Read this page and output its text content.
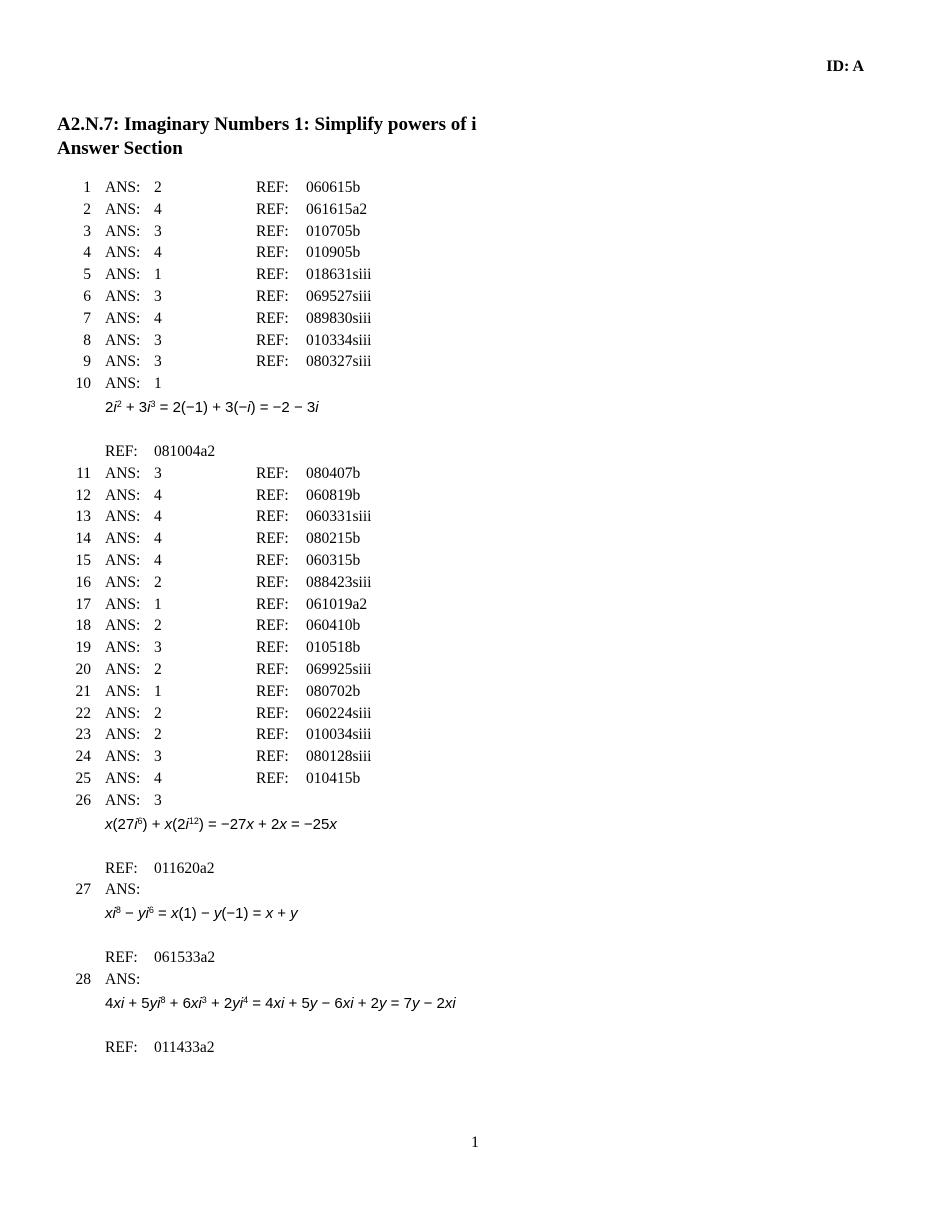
ID: A
A2.N.7: Imaginary Numbers 1: Simplify powers of i
Answer Section
1 ANS: 2	REF: 060615b
2 ANS: 4	REF: 061615a2
3 ANS: 3	REF: 010705b
4 ANS: 4	REF: 010905b
5 ANS: 1	REF: 018631siii
6 ANS: 3	REF: 069527siii
7 ANS: 4	REF: 089830siii
8 ANS: 3	REF: 010334siii
9 ANS: 3	REF: 080327siii
10 ANS: 1
$2i^2 + 3i^3 = 2(-1) + 3(-i) = -2 - 3i$
REF: 081004a2
11 ANS: 3	REF: 080407b
12 ANS: 4	REF: 060819b
13 ANS: 4	REF: 060331siii
14 ANS: 4	REF: 080215b
15 ANS: 4	REF: 060315b
16 ANS: 2	REF: 088423siii
17 ANS: 1	REF: 061019a2
18 ANS: 2	REF: 060410b
19 ANS: 3	REF: 010518b
20 ANS: 2	REF: 069925siii
21 ANS: 1	REF: 080702b
22 ANS: 2	REF: 060224siii
23 ANS: 2	REF: 010034siii
24 ANS: 3	REF: 080128siii
25 ANS: 4	REF: 010415b
26 ANS: 3
$x(27i^6) + x(2i^{12}) = -27x + 2x = -25x$
REF: 011620a2
27 ANS:
$xi^8 - yi^6 = x(1) - y(-1) = x + y$
REF: 061533a2
28 ANS:
$4xi + 5yi^8 + 6xi^3 + 2yi^4 = 4xi + 5y - 6xi + 2y = 7y - 2xi$
REF: 011433a2
1
